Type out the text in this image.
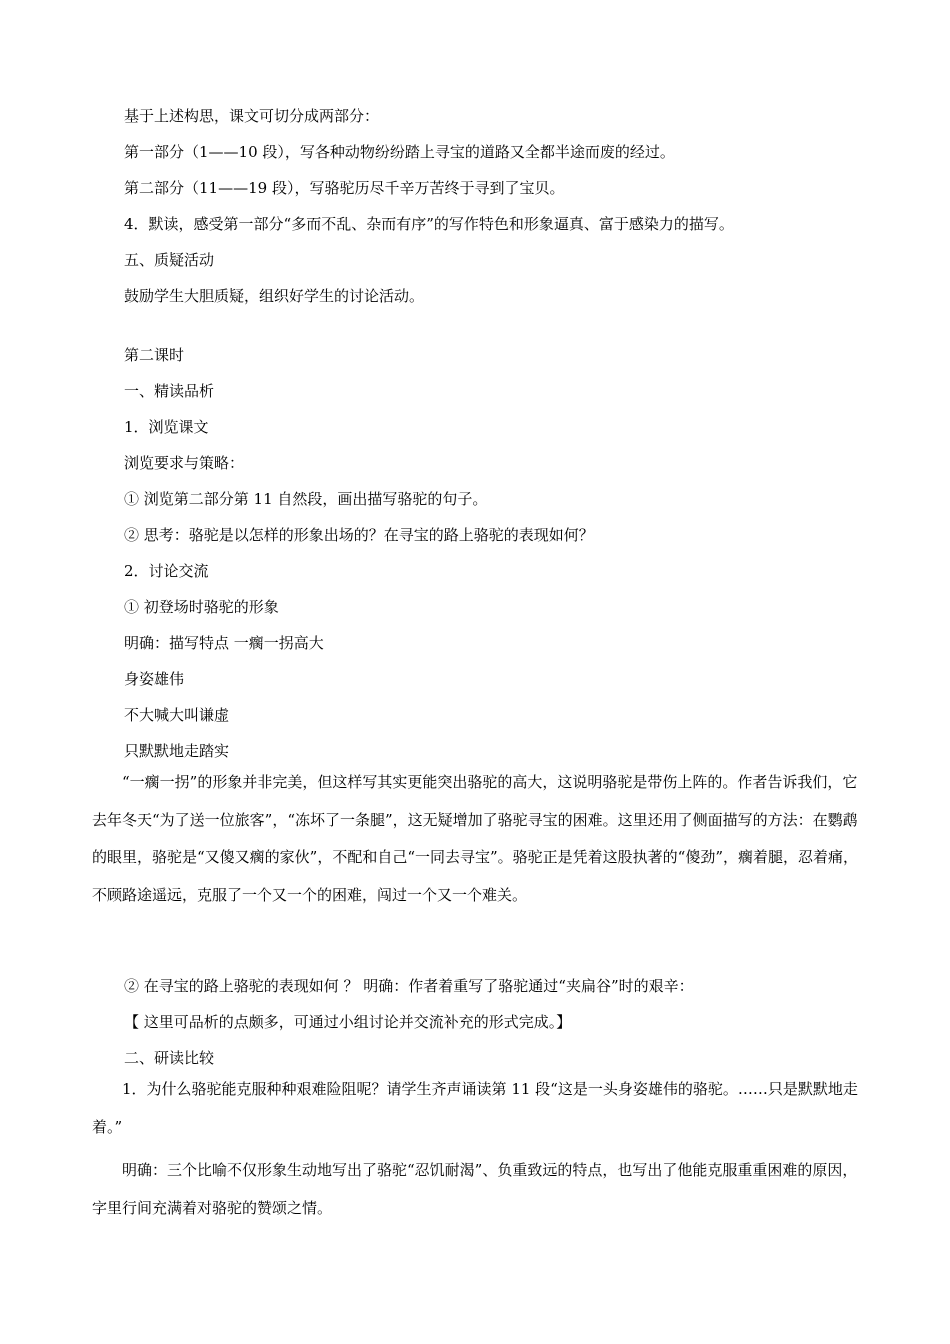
基于上述构思，课文可切分成两部分：
第一部分（1——10 段），写各种动物纷纷踏上寻宝的道路又全都半途而废的经过。
第二部分（11——19 段），写骆驼历尽千辛万苦终于寻到了宝贝。
4．默读，感受第一部分“多而不乱、杂而有序”的写作特色和形象逼真、富于感染力的描写。
五、质疑活动
鼓励学生大胆质疑，组织好学生的讨论活动。
第二课时
一、精读品析
1．浏览课文
浏览要求与策略：
① 浏览第二部分第 11 自然段，画出描写骆驼的句子。
② 思考：骆驼是以怎样的形象出场的？在寻宝的路上骆驼的表现如何？
2．讨论交流
① 初登场时骆驼的形象
明确：描写特点 一瘸一拐高大
身姿雄伟
不大喊大叫谦虚
只默默地走踏实
“一瘸一拐”的形象并非完美，但这样写其实更能突出骆驼的高大，这说明骆驼是带伤上阵的。作者告诉我们，它去年冬天“为了送一位旅客”，“冻坏了一条腿”，这无疑增加了骆驼寻宝的困难。这里还用了侧面描写的方法：在鹦鹉的眼里，骆驼是“又傻又瘸的家伙”，不配和自己“一同去寻宝”。骆驼正是凭着这股执著的“傻劲”，瘸着腿，忍着痛，不顾路途遥远，克服了一个又一个的困难，闯过一个又一个难关。
② 在寻宝的路上骆驼的表现如何 ？ 明确：作者着重写了骆驼通过“夹扁谷”时的艰辛：
【 这里可品析的点颇多，可通过小组讨论并交流补充的形式完成。】
二、研读比较
1．为什么骆驼能克服种种艰难险阻呢？请学生齐声诵读第 11 段“这是一头身姿雄伟的骆驼。……只是默默地走着。”
明确：三个比喻不仅形象生动地写出了骆驼“忍饥耐渴”、负重致远的特点，也写出了他能克服重重困难的原因，字里行间充满着对骆驼的赞颂之情。
